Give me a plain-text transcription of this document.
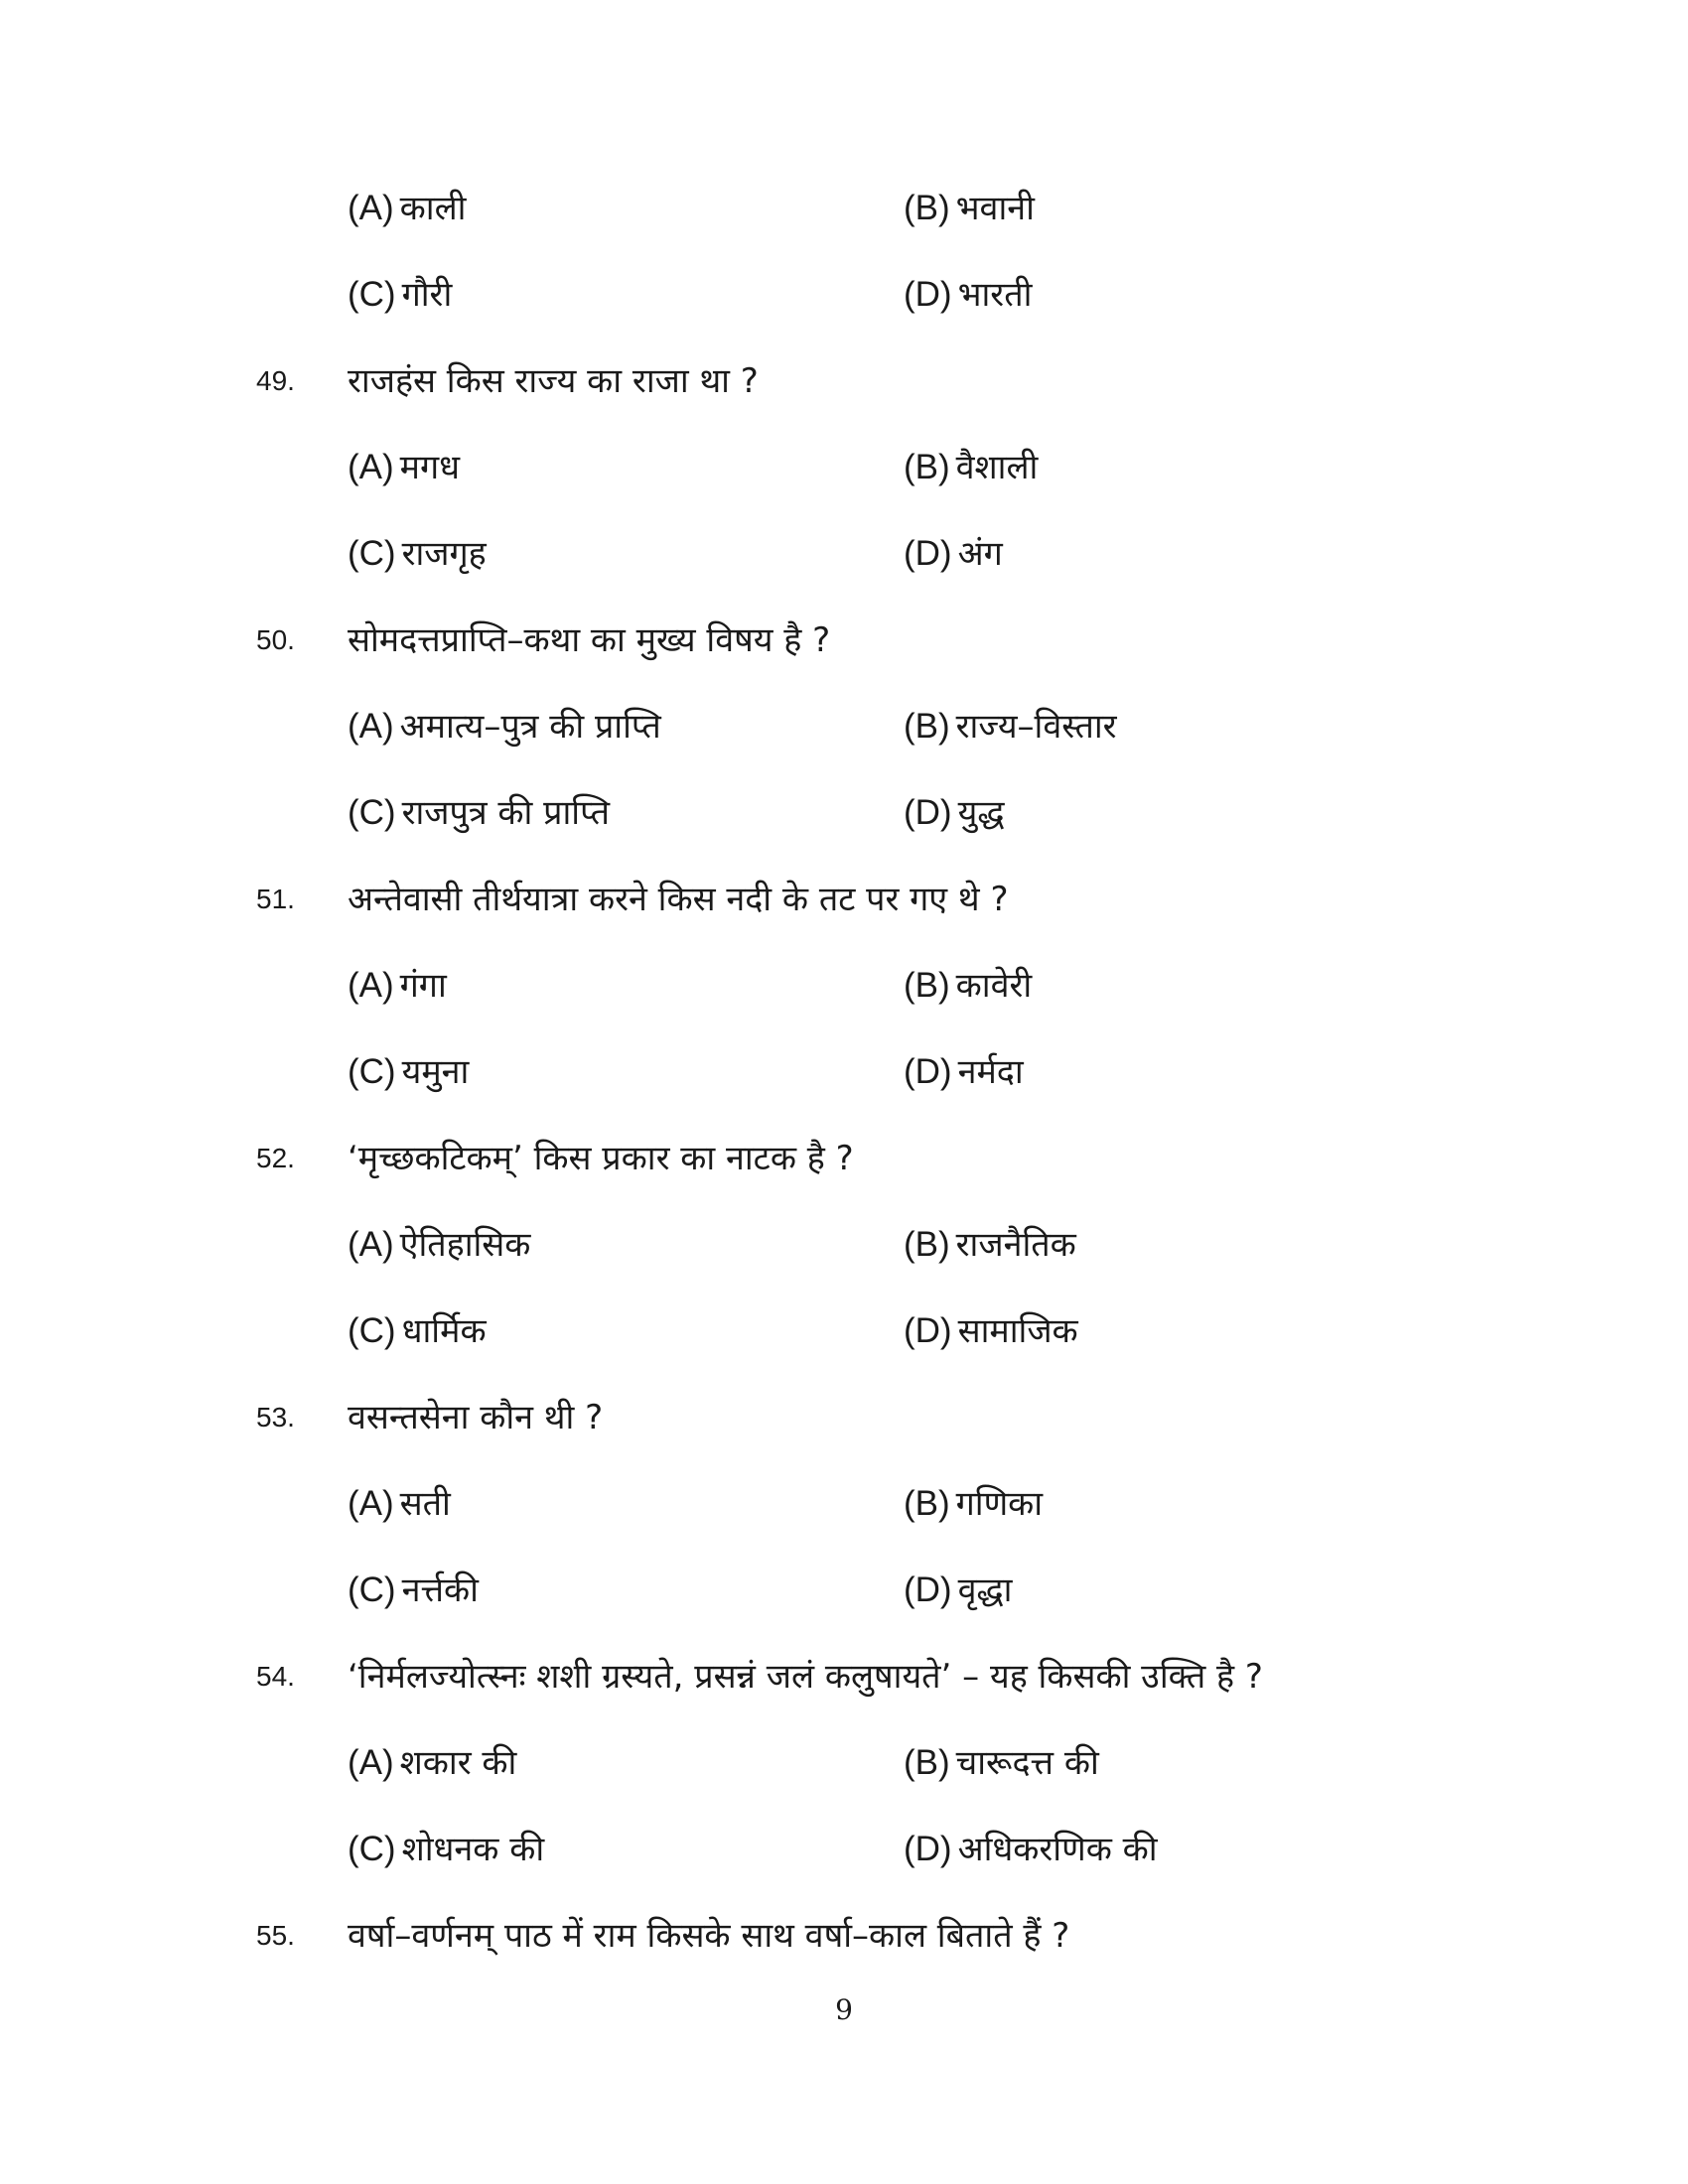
(A) काली	(B) भवानी
(C) गौरी	(D) भारती
49. राजहंस किस राज्य का राजा था ?
(A) मगध	(B) वैशाली
(C) राजगृह	(D) अंग
50. सोमदत्तप्राप्ति–कथा का मुख्य विषय है ?
(A) अमात्य–पुत्र की प्राप्ति	(B) राज्य–विस्तार
(C) राजपुत्र की प्राप्ति	(D) युद्ध
51. अन्तेवासी तीर्थयात्रा करने किस नदी के तट पर गए थे ?
(A) गंगा	(B) कावेरी
(C) यमुना	(D) नर्मदा
52. ‘मृच्छकटिकम्’ किस प्रकार का नाटक है ?
(A) ऐतिहासिक	(B) राजनैतिक
(C) धार्मिक	(D) सामाजिक
53. वसन्तसेना कौन थी ?
(A) सती	(B) गणिका
(C) नर्त्तकी	(D) वृद्धा
54. ‘निर्मलज्योत्स्नः शशी ग्रस्यते, प्रसन्नं जलं कलुषायते’ – यह किसकी उक्ति है ?
(A) शकार की	(B) चारूदत्त की
(C) शोधनक की	(D) अधिकरणिक की
55. वर्षा–वर्णनम् पाठ में राम किसके साथ वर्षा–काल बिताते हैं ?
9
